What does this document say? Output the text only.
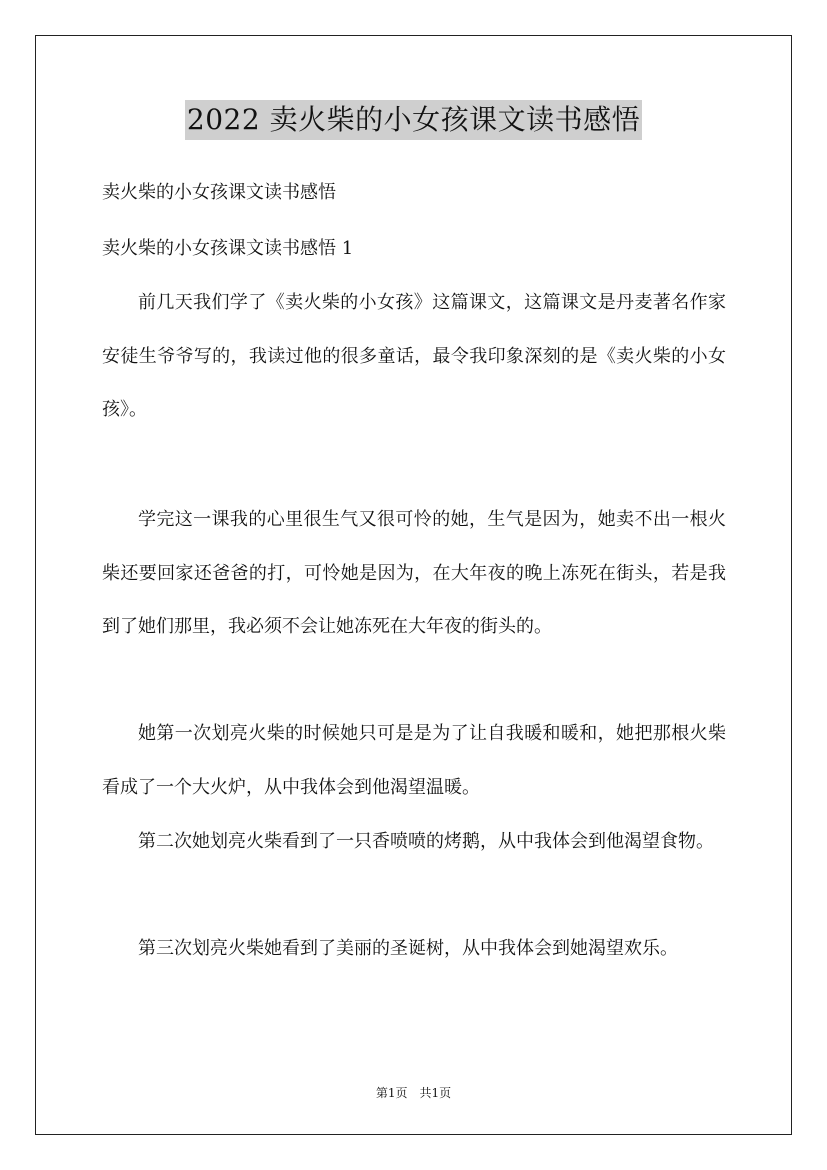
2022 卖火柴的小女孩课文读书感悟
卖火柴的小女孩课文读书感悟
卖火柴的小女孩课文读书感悟 1

前几天我们学了《卖火柴的小女孩》这篇课文，这篇课文是丹麦著名作家安徒生爷爷写的，我读过他的很多童话，最令我印象深刻的是《卖火柴的小女孩》。

学完这一课我的心里很生气又很可怜的她，生气是因为，她卖不出一根火柴还要回家还爸爸的打，可怜她是因为，在大年夜的晚上冻死在街头，若是我到了她们那里，我必须不会让她冻死在大年夜的街头的。

她第一次划亮火柴的时候她只可是是为了让自我暖和暖和，她把那根火柴看成了一个大火炉，从中我体会到他渴望温暖。

第二次她划亮火柴看到了一只香喷喷的烤鹅，从中我体会到他渴望食物。

第三次划亮火柴她看到了美丽的圣诞树，从中我体会到她渴望欢乐。

第1页　共1页
